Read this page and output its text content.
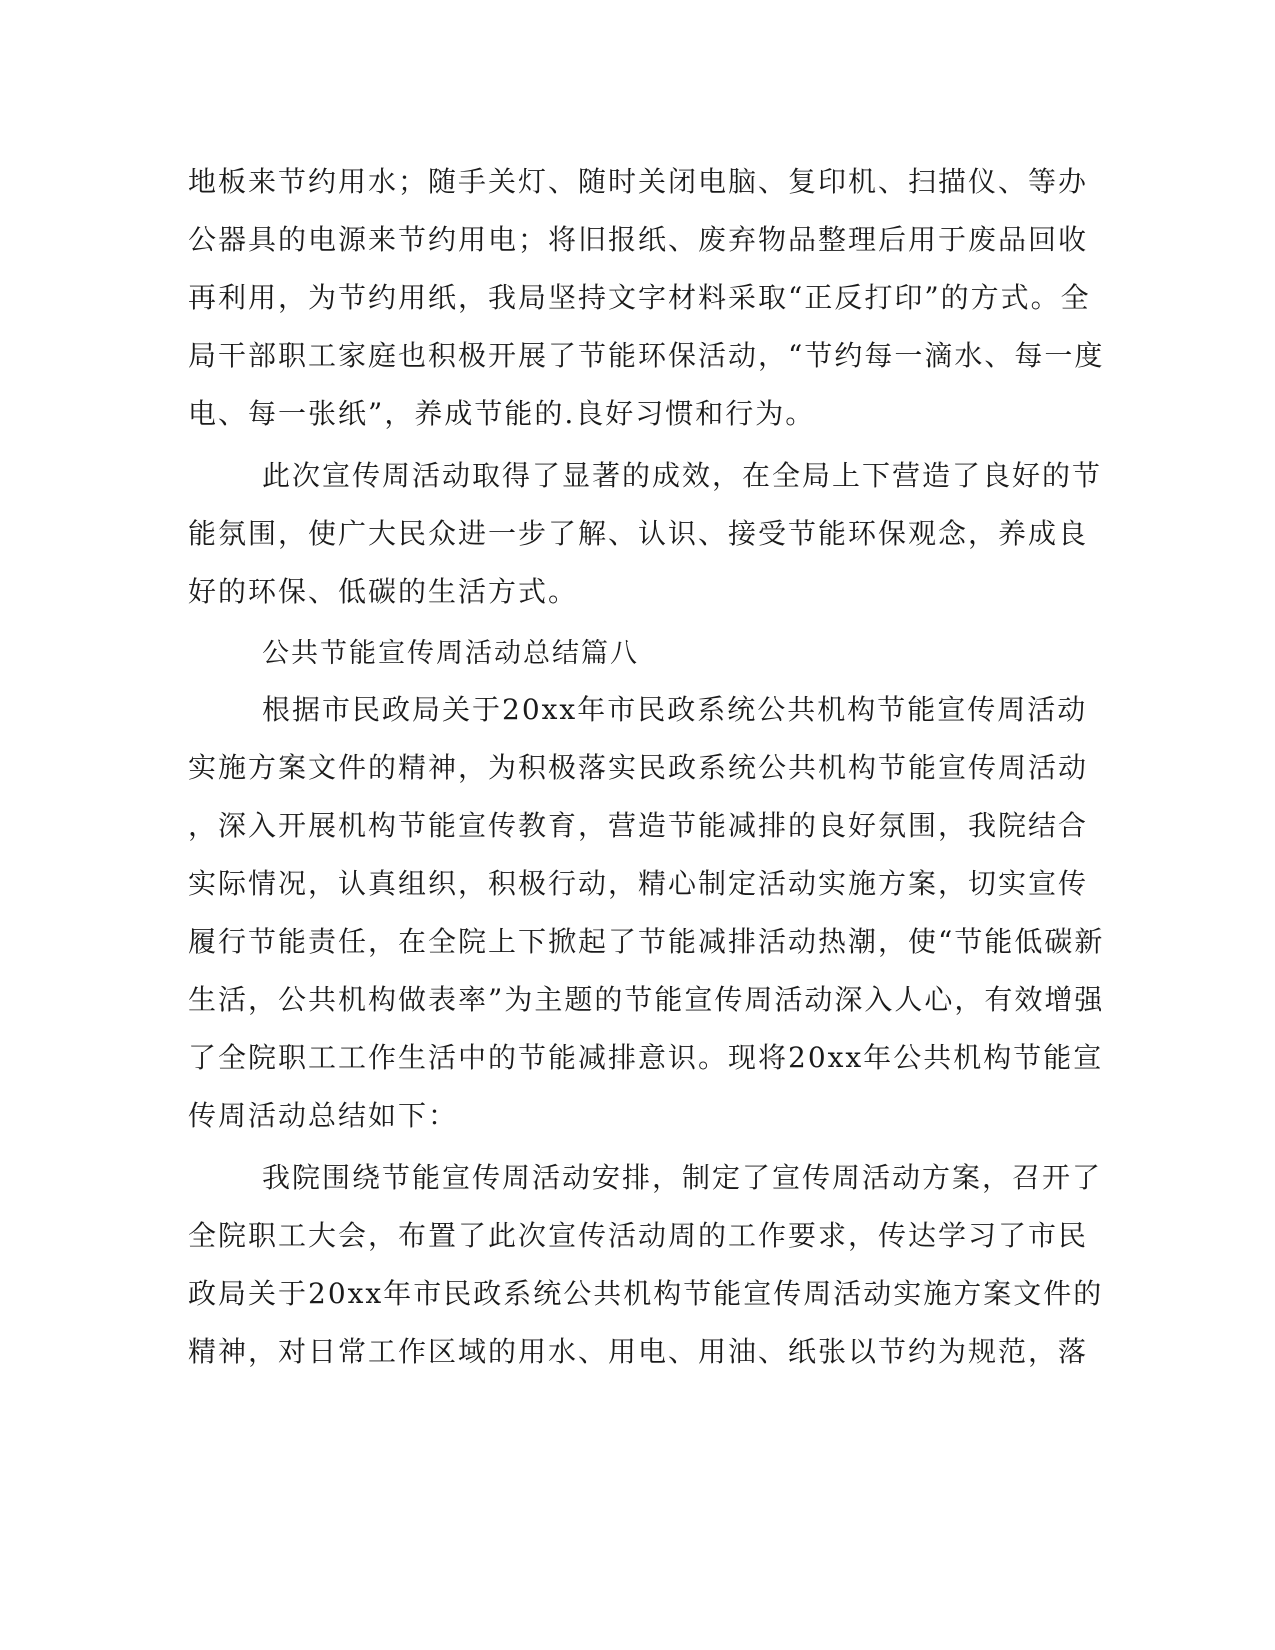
地板来节约用水；随手关灯、随时关闭电脑、复印机、扫描仪、等办
公器具的电源来节约用电；将旧报纸、废弃物品整理后用于废品回收
再利用，为节约用纸，我局坚持文字材料采取“正反打印”的方式。全
局干部职工家庭也积极开展了节能环保活动，“节约每一滴水、每一度
电、每一张纸”，养成节能的.良好习惯和行为。
此次宣传周活动取得了显著的成效，在全局上下营造了良好的节
能氛围，使广大民众进一步了解、认识、接受节能环保观念，养成良
好的环保、低碳的生活方式。
公共节能宣传周活动总结篇八
根据市民政局关于20xx年市民政系统公共机构节能宣传周活动
实施方案文件的精神，为积极落实民政系统公共机构节能宣传周活动
，深入开展机构节能宣传教育，营造节能减排的良好氛围，我院结合
实际情况，认真组织，积极行动，精心制定活动实施方案，切实宣传
履行节能责任，在全院上下掀起了节能减排活动热潮，使“节能低碳新
生活，公共机构做表率”为主题的节能宣传周活动深入人心，有效增强
了全院职工工作生活中的节能减排意识。现将20xx年公共机构节能宣
传周活动总结如下：
我院围绕节能宣传周活动安排，制定了宣传周活动方案，召开了
全院职工大会，布置了此次宣传活动周的工作要求，传达学习了市民
政局关于20xx年市民政系统公共机构节能宣传周活动实施方案文件的
精神，对日常工作区域的用水、用电、用油、纸张以节约为规范，落
